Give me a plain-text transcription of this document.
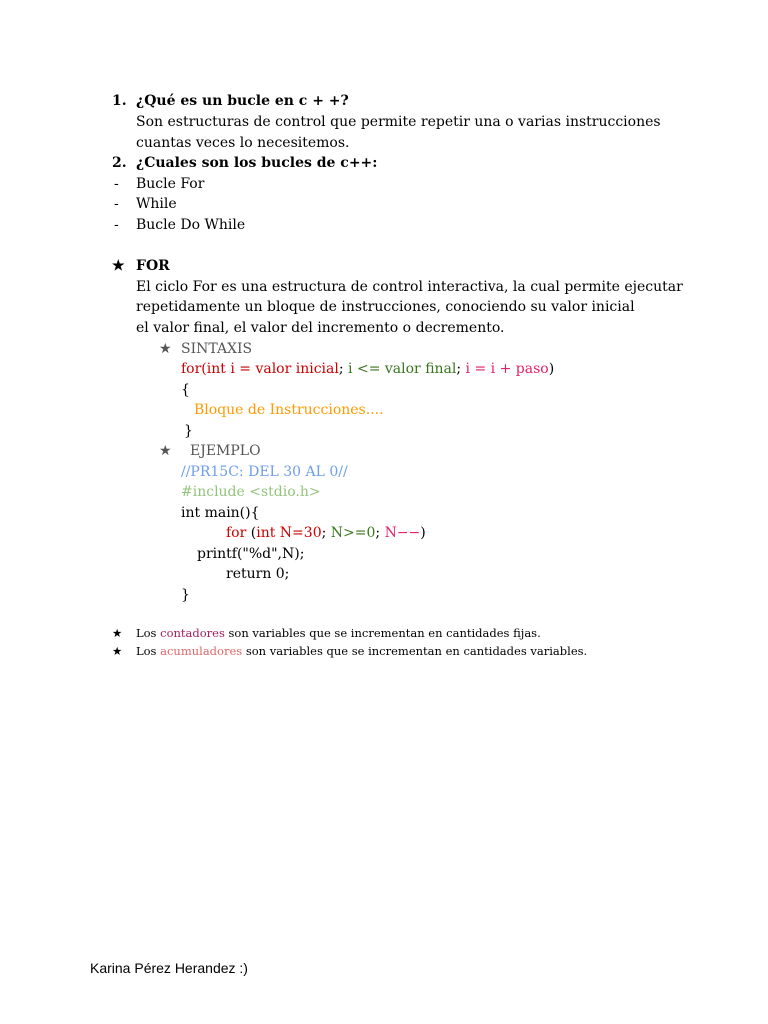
1. ¿Qué es un bucle en c + +?
Son estructuras de control que permite repetir una o varias instrucciones
cuantas veces lo necesitemos.
2. ¿Cuales son los bucles de c++:
- Bucle For
- While
- Bucle Do While
★ FOR
El ciclo For es una estructura de control interactiva, la cual permite ejecutar
repetidamente un bloque de instrucciones, conociendo su valor inicial
el valor final, el valor del incremento o decremento.
★ SINTAXIS
for(int i = valor inicial; i <= valor final; i = i + paso)
{
Bloque de Instrucciones....
}
★ EJEMPLO
//PR15C: DEL 30 AL 0//
#include <stdio.h>
int main(){
for (int N=30; N>=0; N−−)
printf("%d",N);
return 0;
}
★ Los contadores son variables que se incrementan en cantidades fijas.
★ Los acumuladores son variables que se incrementan en cantidades variables.
Karina Pérez Herandez :)
